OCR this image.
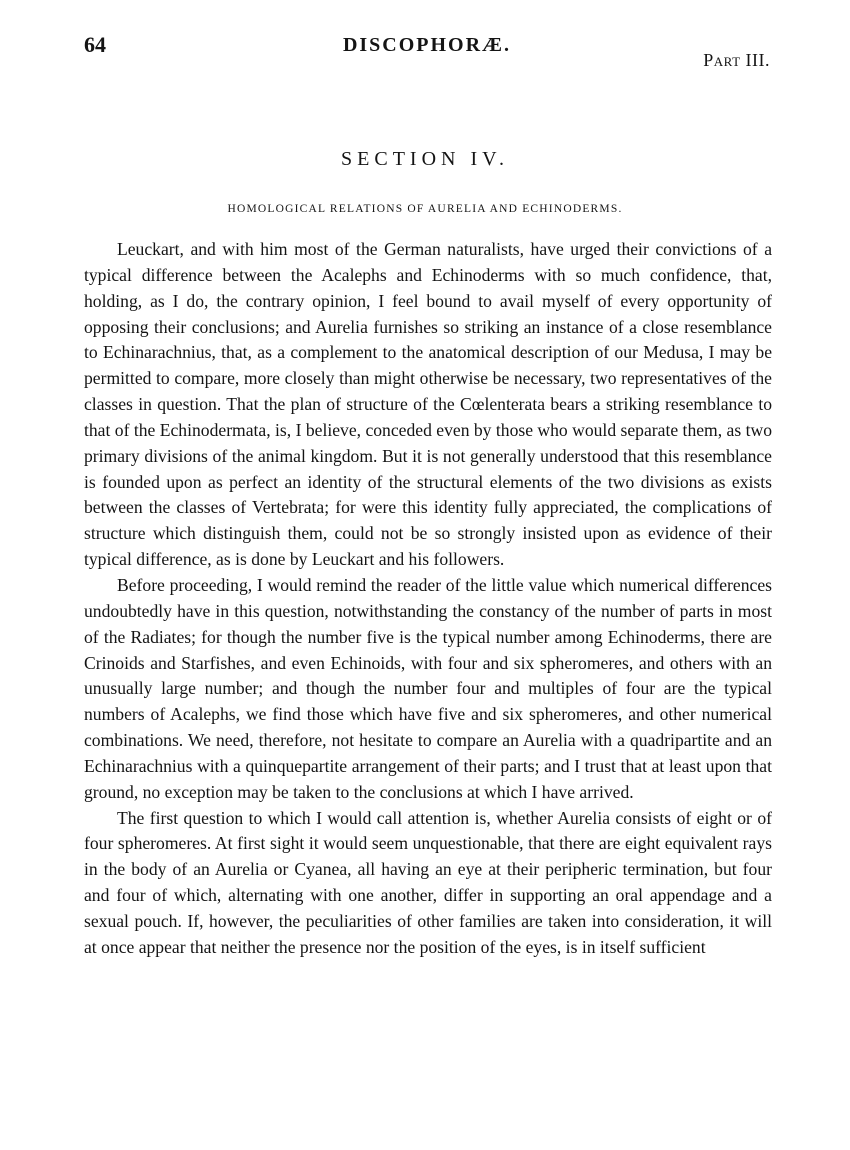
64	DISCOPHORÆ.
Part III.
SECTION IV.
HOMOLOGICAL RELATIONS OF AURELIA AND ECHINODERMS.

Leuckart, and with him most of the German naturalists, have urged their convictions of a typical difference between the Acalephs and Echinoderms with so much confidence, that, holding, as I do, the contrary opinion, I feel bound to avail myself of every opportunity of opposing their conclusions; and Aurelia furnishes so striking an instance of a close resemblance to Echinarachnius, that, as a complement to the anatomical description of our Medusa, I may be permitted to compare, more closely than might otherwise be necessary, two representatives of the classes in question. That the plan of structure of the Cœlenterata bears a striking resemblance to that of the Echinodermata, is, I believe, conceded even by those who would separate them, as two primary divisions of the animal kingdom. But it is not generally understood that this resemblance is founded upon as perfect an identity of the structural elements of the two divisions as exists between the classes of Vertebrata; for were this identity fully appreciated, the complications of structure which distinguish them, could not be so strongly insisted upon as evidence of their typical difference, as is done by Leuckart and his followers.

Before proceeding, I would remind the reader of the little value which numerical differences undoubtedly have in this question, notwithstanding the constancy of the number of parts in most of the Radiates; for though the number five is the typical number among Echinoderms, there are Crinoids and Starfishes, and even Echinoids, with four and six spheromeres, and others with an unusually large number; and though the number four and multiples of four are the typical numbers of Acalephs, we find those which have five and six spheromeres, and other numerical combinations. We need, therefore, not hesitate to compare an Aurelia with a quadripartite and an Echinarachnius with a quinquepartite arrangement of their parts; and I trust that at least upon that ground, no exception may be taken to the conclusions at which I have arrived.

The first question to which I would call attention is, whether Aurelia consists of eight or of four spheromeres. At first sight it would seem unquestionable, that there are eight equivalent rays in the body of an Aurelia or Cyanea, all having an eye at their peripheric termination, but four and four of which, alternating with one another, differ in supporting an oral appendage and a sexual pouch. If, however, the peculiarities of other families are taken into consideration, it will at once appear that neither the presence nor the position of the eyes, is in itself sufficient
